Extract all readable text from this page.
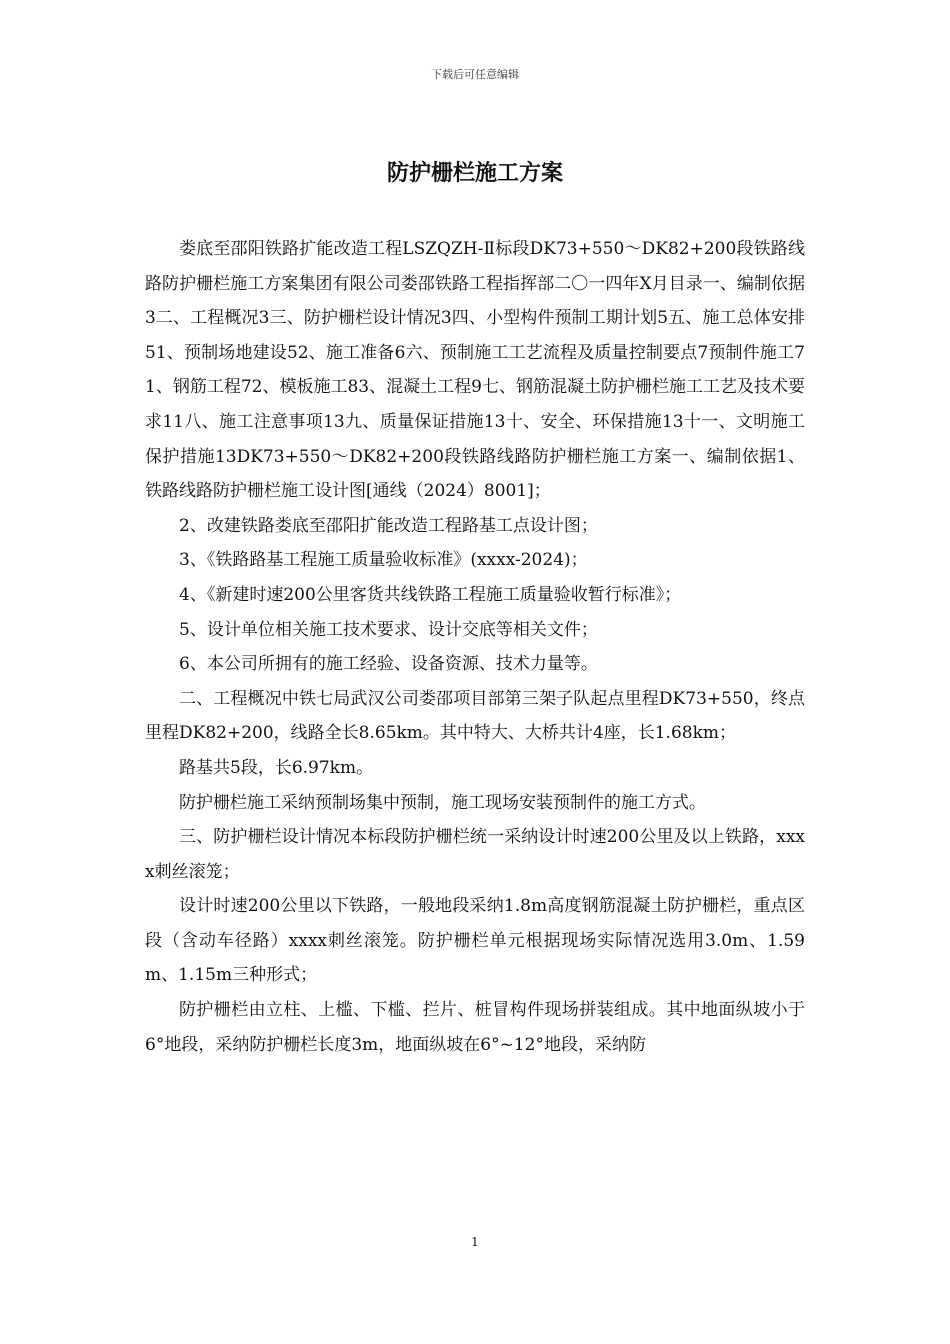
下载后可任意编辑
防护栅栏施工方案

娄底至邵阳铁路扩能改造工程LSZQZH-Ⅱ标段DK73+550～DK82+200段铁路线路防护栅栏施工方案集团有限公司娄邵铁路工程指挥部二〇一四年X月目录一、编制依据3二、工程概况3三、防护栅栏设计情况3四、小型构件预制工期计划5五、施工总体安排51、预制场地建设52、施工准备6六、预制施工工艺流程及质量控制要点7预制件施工71、钢筋工程72、模板施工83、混凝土工程9七、钢筋混凝土防护栅栏施工工艺及技术要求11八、施工注意事项13九、质量保证措施13十、安全、环保措施13十一、文明施工保护措施13DK73+550～DK82+200段铁路线路防护栅栏施工方案一、编制依据1、铁路线路防护栅栏施工设计图[通线（2024）8001]；

2、改建铁路娄底至邵阳扩能改造工程路基工点设计图；

3、《铁路路基工程施工质量验收标准》(xxxx-2024)；

4、《新建时速200公里客货共线铁路工程施工质量验收暂行标准》；

5、设计单位相关施工技术要求、设计交底等相关文件；

6、本公司所拥有的施工经验、设备资源、技术力量等。

二、工程概况中铁七局武汉公司娄邵项目部第三架子队起点里程DK73+550，终点里程DK82+200，线路全长8.65km。其中特大、大桥共计4座，长1.68km；

路基共5段，长6.97km。

防护栅栏施工采纳预制场集中预制，施工现场安装预制件的施工方式。

三、防护栅栏设计情况本标段防护栅栏统一采纳设计时速200公里及以上铁路，xxxx刺丝滚笼；

设计时速200公里以下铁路，一般地段采纳1.8m高度钢筋混凝土防护栅栏，重点区段（含动车径路）xxxx刺丝滚笼。防护栅栏单元根据现场实际情况选用3.0m、1.59m、1.15m三种形式；

防护栅栏由立柱、上槛、下槛、拦片、桩冒构件现场拼装组成。其中地面纵坡小于6°地段，采纳防护栅栏长度3m，地面纵坡在6°~12°地段，采纳防

1
